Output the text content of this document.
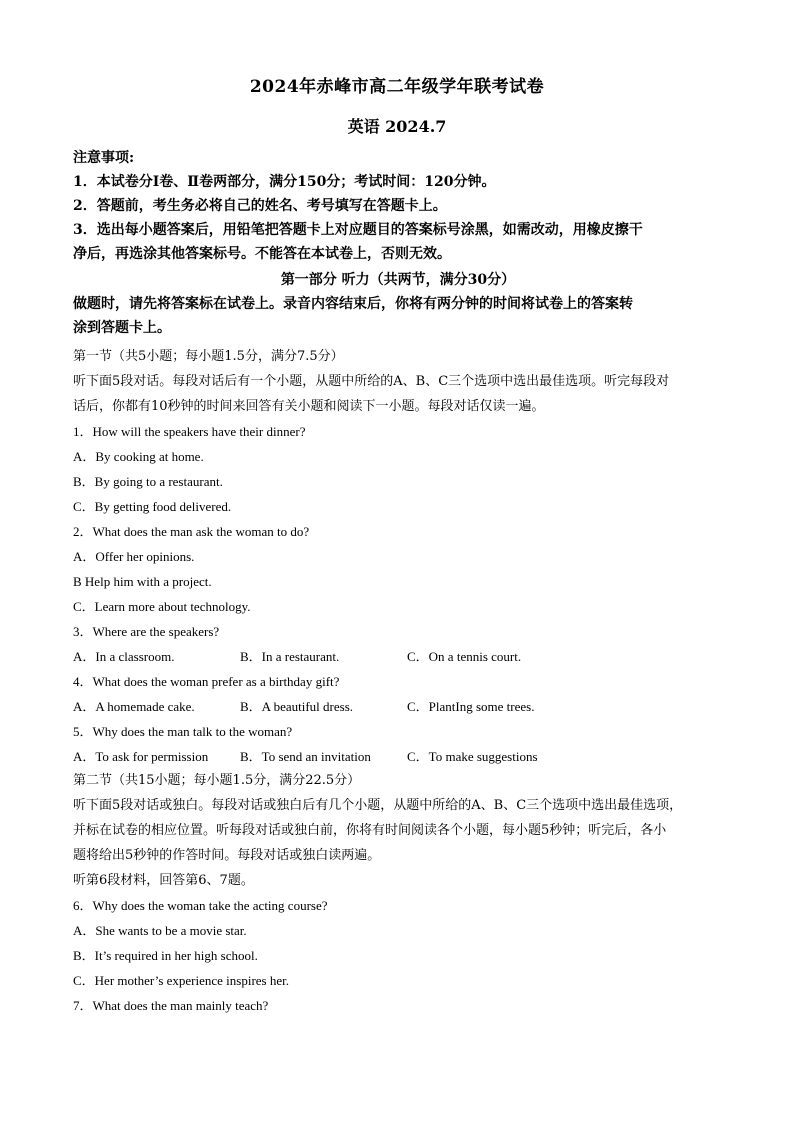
2024年赤峰市高二年级学年联考试卷
英语 2024.7
注意事项:
1．本试卷分Ⅰ卷、Ⅱ卷两部分，满分150分；考试时间：120分钟。
2．答题前，考生务必将自己的姓名、考号填写在答题卡上。
3．选出每小题答案后，用铅笔把答题卡上对应题目的答案标号涂黑，如需改动，用橡皮擦干
净后，再选涂其他答案标号。不能答在本试卷上，否则无效。
第一部分 听力（共两节，满分30分）
做题时，请先将答案标在试卷上。录音内容结束后，你将有两分钟的时间将试卷上的答案转
涂到答题卡上。
第一节（共5小题；每小题1.5分，满分7.5分）
听下面5段对话。每段对话后有一个小题，从题中所给的A、B、C三个选项中选出最佳选项。听完每段对
话后，你都有10秒钟的时间来回答有关小题和阅读下一小题。每段对话仅读一遍。
1．How will the speakers have their dinner?
A．By cooking at home.
B．By going to a restaurant.
C．By getting food delivered.
2．What does the man ask the woman to do?
A．Offer her opinions.
B Help him with a project.
C．Learn more about technology.
3．Where are the speakers?
A．In a classroom.	B．In a restaurant.	C．On a tennis court.
4．What does the woman prefer as a birthday gift?
A．A homemade cake.	B．A beautiful dress.	C．PlantIng some trees.
5．Why does the man talk to the woman?
A．To ask for permission	B．To send an invitation	C．To make suggestions
第二节（共15小题；每小题1.5分，满分22.5分）
听下面5段对话或独白。每段对话或独白后有几个小题，从题中所给的A、B、C三个选项中选出最佳选项，
并标在试卷的相应位置。听每段对话或独白前，你将有时间阅读各个小题，每小题5秒钟；听完后，各小
题将给出5秒钟的作答时间。每段对话或独白读两遍。
听第6段材料，回答第6、7题。
6．Why does the woman take the acting course?
A．She wants to be a movie star.
B．It’s required in her high school.
C．Her mother’s experience inspires her.
7．What does the man mainly teach?
